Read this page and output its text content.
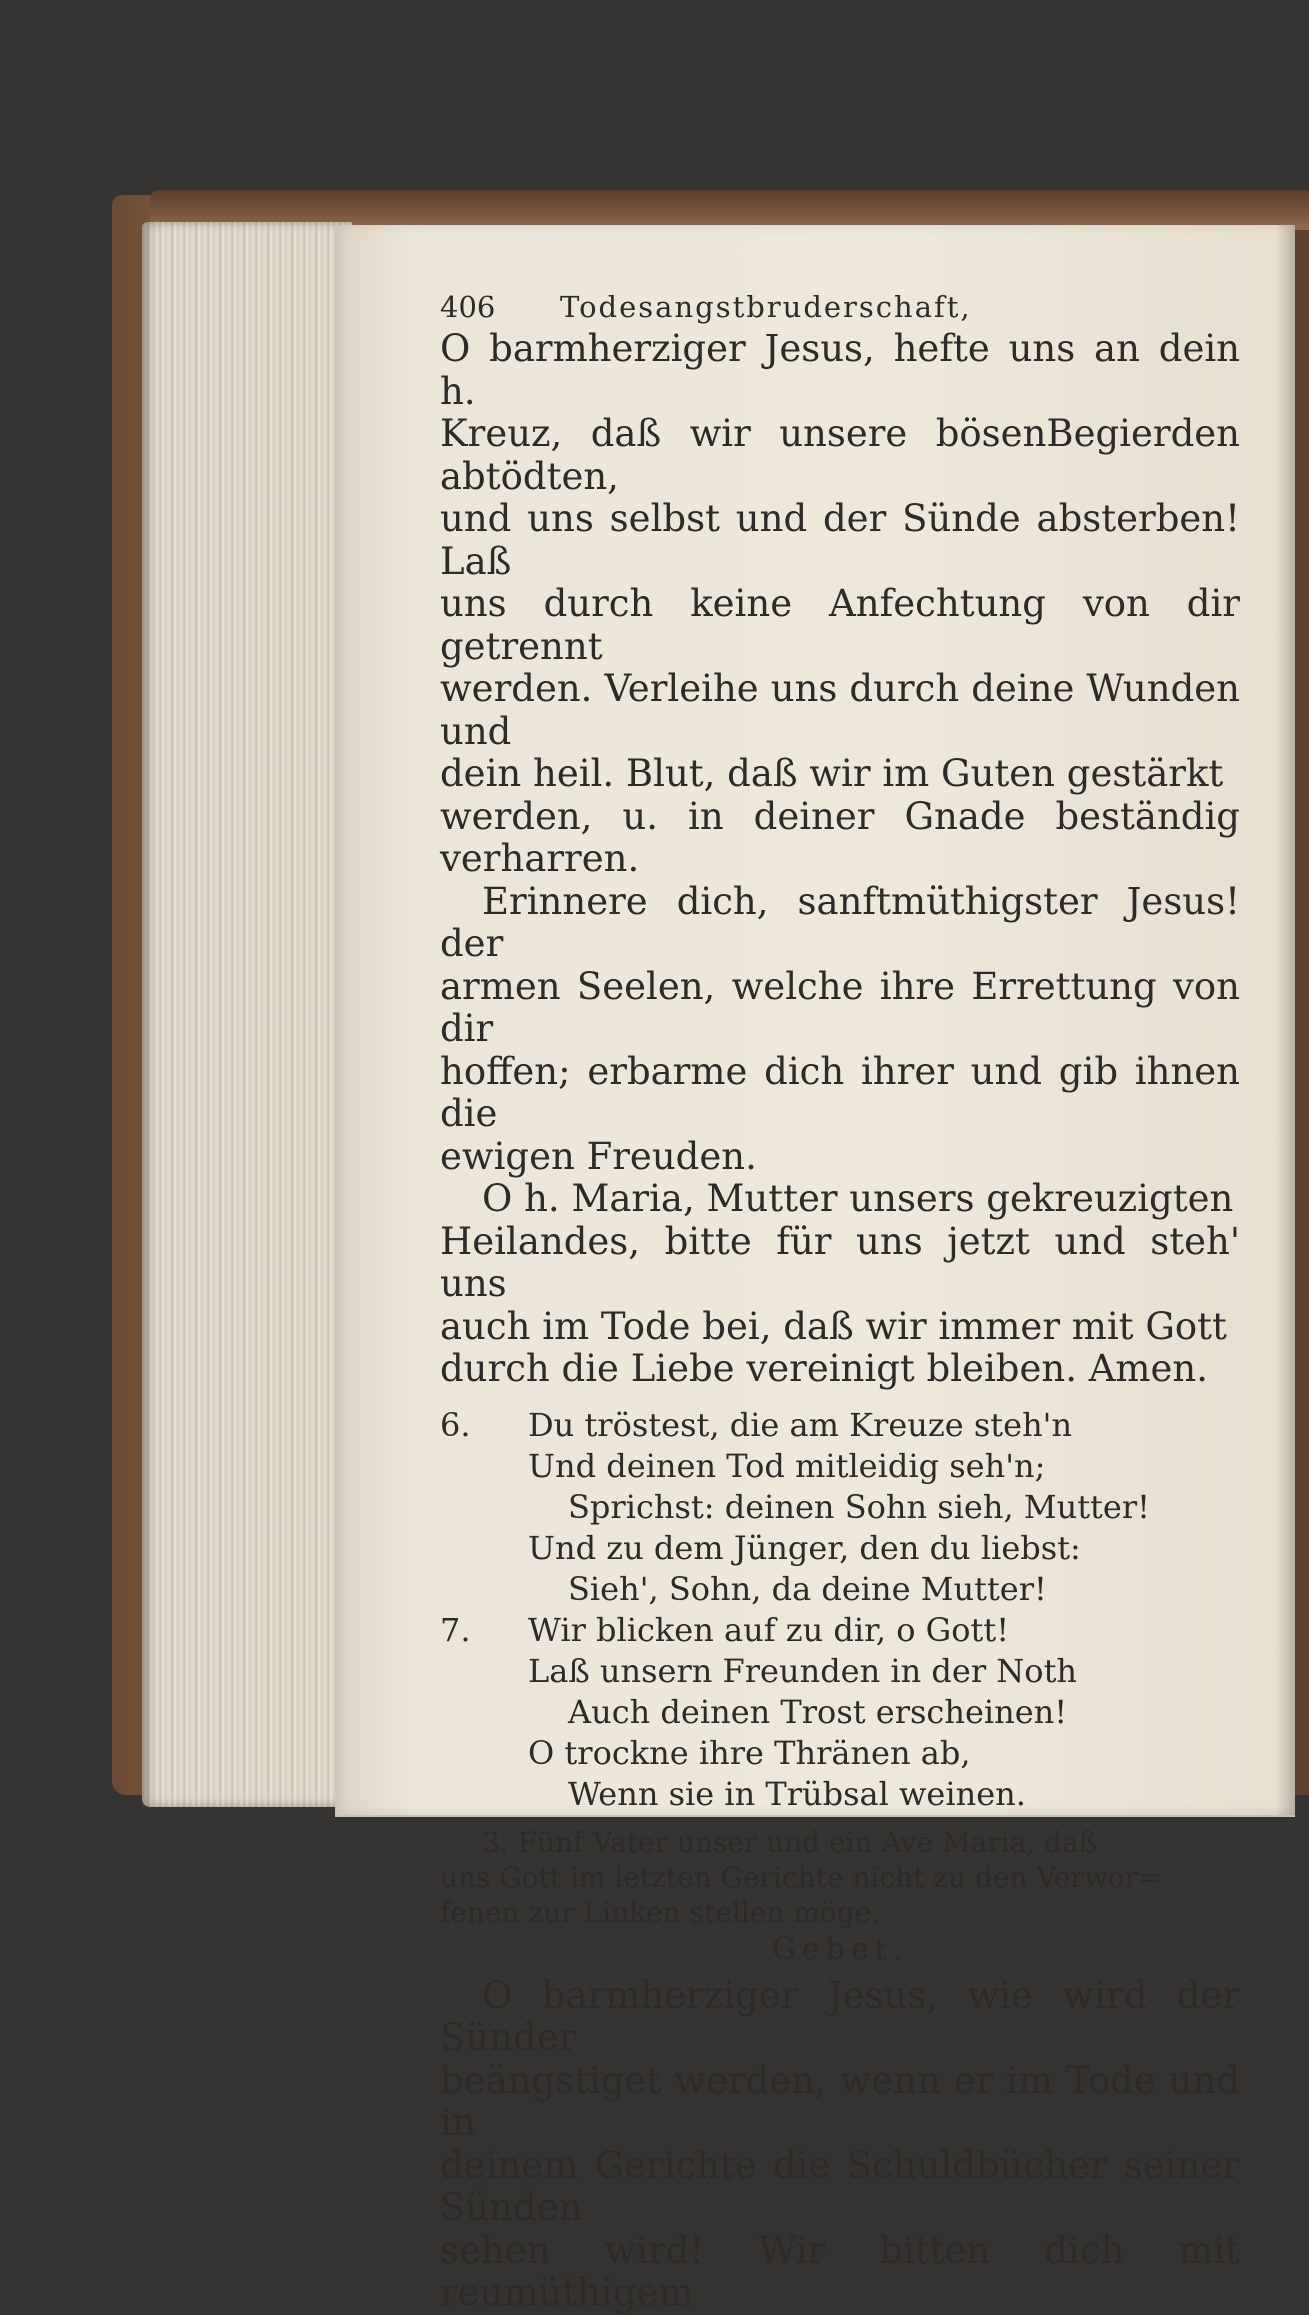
406	Todesangstbruderschaft,
O barmherziger Jesus, hefte uns an dein h.
Kreuz, daß wir unsere bösenBegierden abtödten,
und uns selbst und der Sünde absterben! Laß
uns durch keine Anfechtung von dir getrennt
werden. Verleihe uns durch deine Wunden und
dein heil. Blut, daß wir im Guten gestärkt
werden, u. in deiner Gnade beständig verharren.
Erinnere dich, sanftmüthigster Jesus! der
armen Seelen, welche ihre Errettung von dir
hoffen; erbarme dich ihrer und gib ihnen die
ewigen Freuden.
O h. Maria, Mutter unsers gekreuzigten
Heilandes, bitte für uns jetzt und steh' uns
auch im Tode bei, daß wir immer mit Gott
durch die Liebe vereinigt bleiben. Amen.
6.	Du tröstest, die am Kreuze steh'n
Und deinen Tod mitleidig seh'n;
Sprichst: deinen Sohn sieh, Mutter!
Und zu dem Jünger, den du liebst:
Sieh', Sohn, da deine Mutter!
7.	Wir blicken auf zu dir, o Gott!
Laß unsern Freunden in der Noth
Auch deinen Trost erscheinen!
O trockne ihre Thränen ab,
Wenn sie in Trübsal weinen.
3. Fünf Vater unser und ein Ave Maria, daß
uns Gott im letzten Gerichte nicht zu den Verwor=
fenen zur Linken stellen möge.
Gebet.
O barmherziger Jesus, wie wird der Sünder
beängstiget werden, wenn er im Tode und in
deinem Gerichte die Schuldbücher seiner Sünden
sehen wird! Wir bitten dich mit reumüthigem
